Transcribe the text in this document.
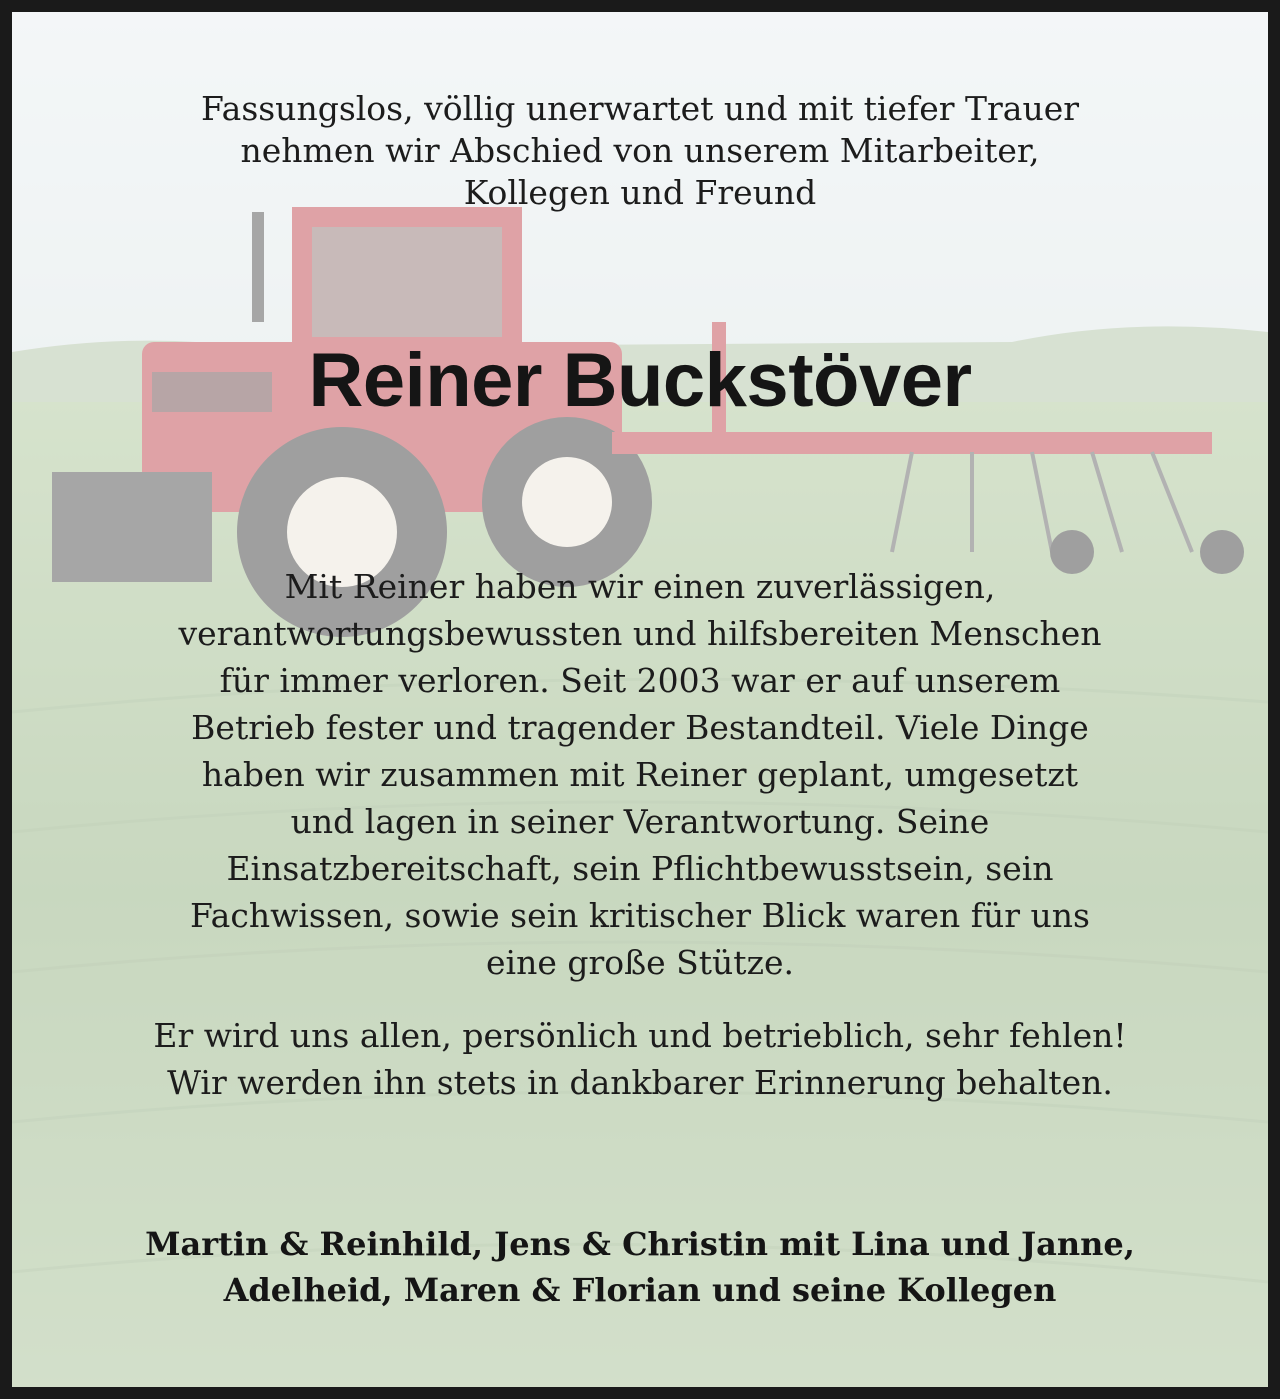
Fassungslos, völlig unerwartet und mit tiefer Trauer
nehmen wir Abschied von unserem Mitarbeiter,
Kollegen und Freund
Reiner Buckstöver
Mit Reiner haben wir einen zuverlässigen,
verantwortungsbewussten und hilfsbereiten Menschen
für immer verloren. Seit 2003 war er auf unserem
Betrieb fester und tragender Bestandteil. Viele Dinge
haben wir zusammen mit Reiner geplant, umgesetzt
und lagen in seiner Verantwortung. Seine
Einsatzbereitschaft, sein Pflichtbewusstsein, sein
Fachwissen, sowie sein kritischer Blick waren für uns
eine große Stütze.
Er wird uns allen, persönlich und betrieblich, sehr fehlen!
Wir werden ihn stets in dankbarer Erinnerung behalten.
Martin & Reinhild, Jens & Christin mit Lina und Janne,
Adelheid, Maren & Florian und seine Kollegen
